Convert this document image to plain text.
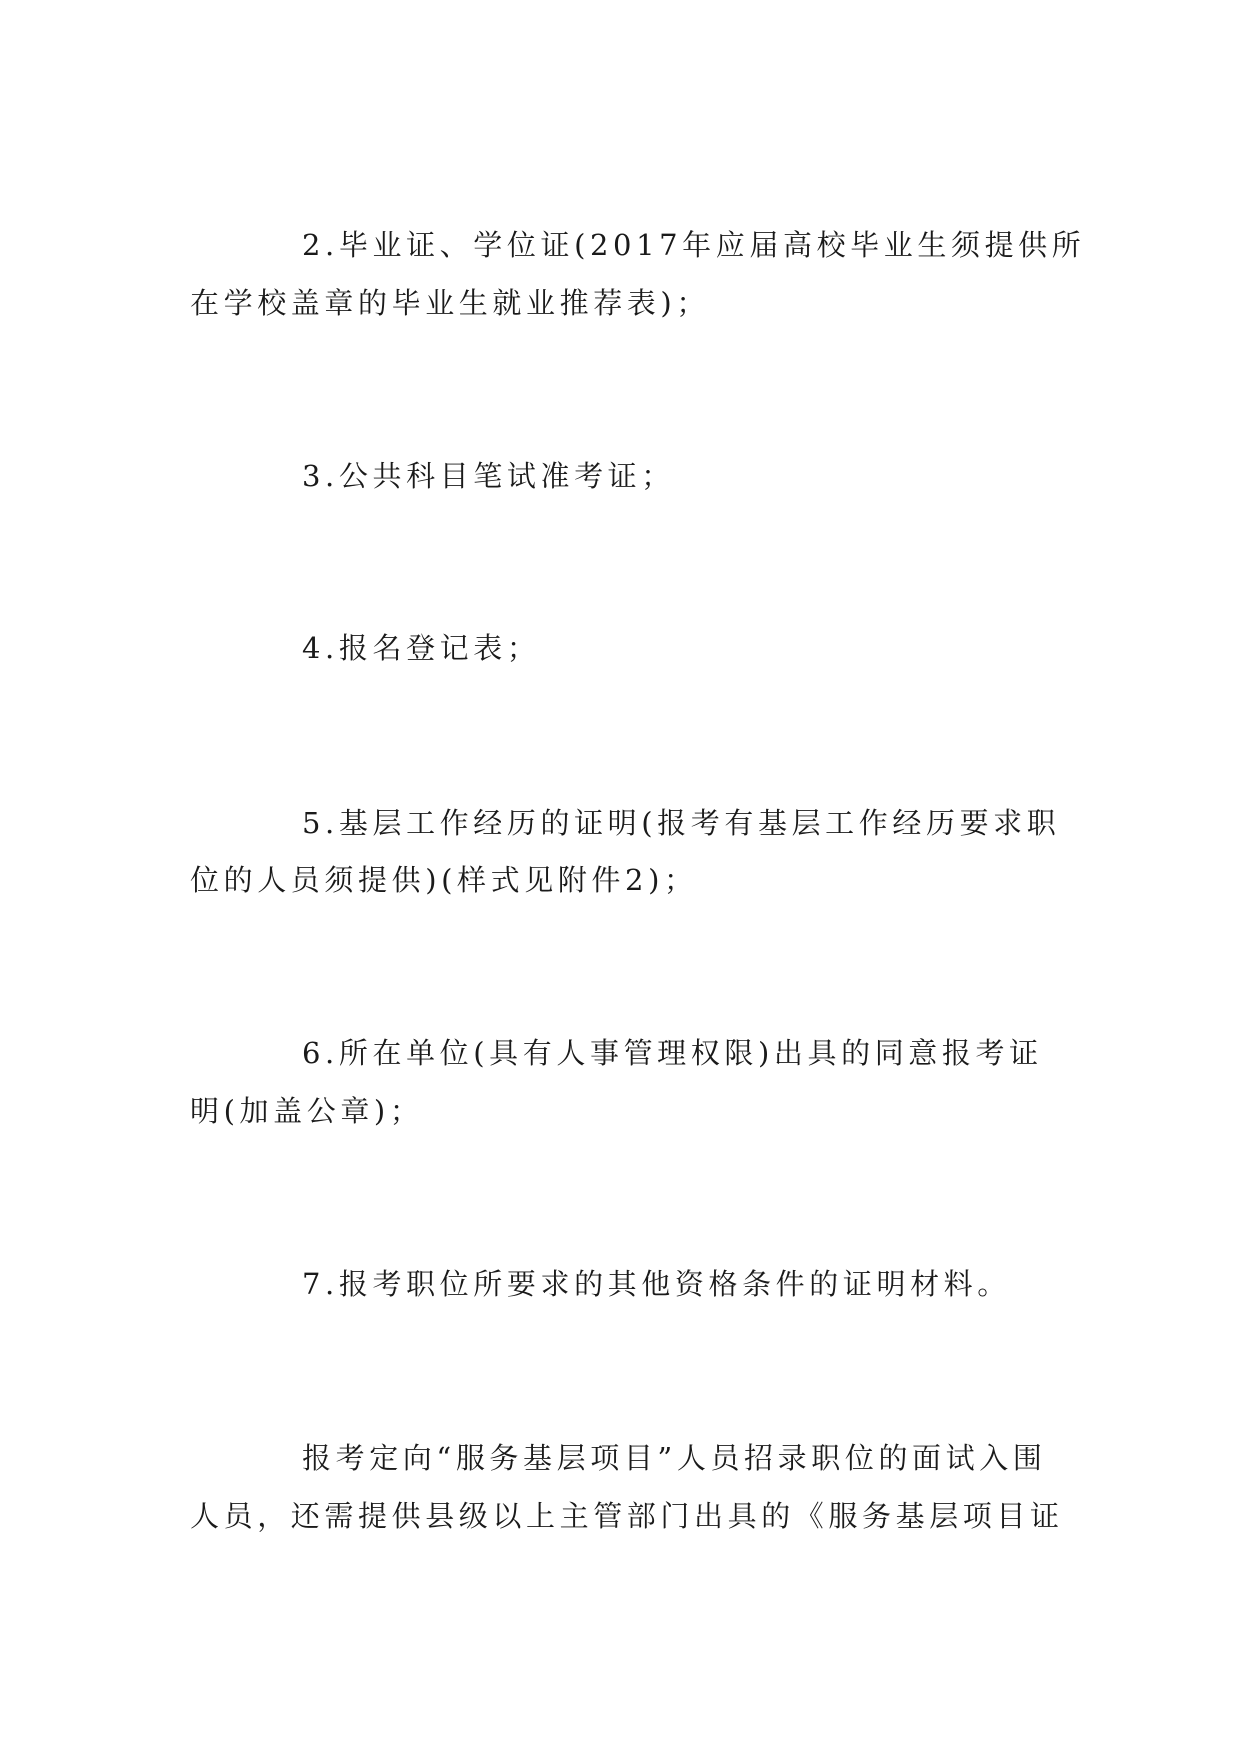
2.毕业证、学位证(2017年应届高校毕业生须提供所
在学校盖章的毕业生就业推荐表)；
3.公共科目笔试准考证；
4.报名登记表；
5.基层工作经历的证明(报考有基层工作经历要求职
位的人员须提供)(样式见附件2)；
6.所在单位(具有人事管理权限)出具的同意报考证
明(加盖公章)；
7.报考职位所要求的其他资格条件的证明材料。
报考定向“服务基层项目”人员招录职位的面试入围
人员，还需提供县级以上主管部门出具的《服务基层项目证
